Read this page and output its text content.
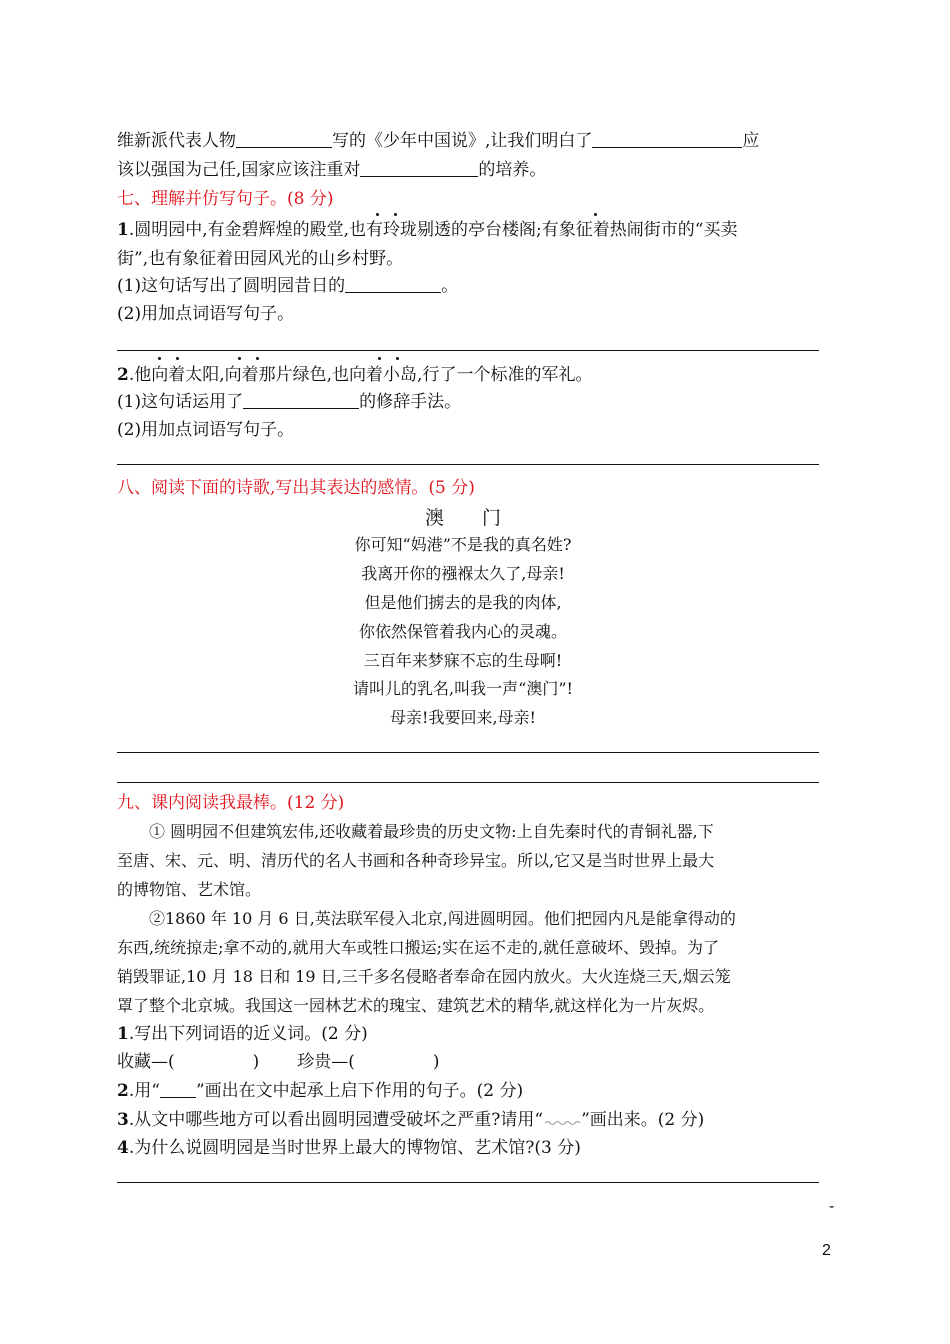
维新派代表人物	写的《少年中国说》,让我们明白了	应
该以强国为己任,国家应该注重对	的培养。
七、理解并仿写句子。(8 分)
1.圆明园中,有金碧辉煌的殿堂,也有玲珑剔透的亭台楼阁;有象征着热闹街市的“买卖
街”,也有象征着田园风光的山乡村野。
(1)这句话写出了圆明园昔日的	。
(2)用加点词语写句子。
2.他向着太阳,向着那片绿色,也向着小岛,行了一个标准的军礼。
(1)这句话运用了	的修辞手法。
(2)用加点词语写句子。
八、阅读下面的诗歌,写出其表达的感情。(5 分)
澳　　门
你可知“妈港”不是我的真名姓?
我离开你的襁褓太久了,母亲!
但是他们掳去的是我的肉体,
你依然保管着我内心的灵魂。
三百年来梦寐不忘的生母啊!
请叫儿的乳名,叫我一声“澳门”!
母亲!我要回来,母亲!
九、课内阅读我最棒。(12 分)
① 圆明园不但建筑宏伟,还收藏着最珍贵的历史文物:上自先秦时代的青铜礼器,下
至唐、宋、元、明、清历代的名人书画和各种奇珍异宝。所以,它又是当时世界上最大
的博物馆、艺术馆。
②1860 年 10 月 6 日,英法联军侵入北京,闯进圆明园。他们把园内凡是能拿得动的
东西,统统掠走;拿不动的,就用大车或牲口搬运;实在运不走的,就任意破坏、毁掉。为了
销毁罪证,10 月 18 日和 19 日,三千多名侵略者奉命在园内放火。大火连烧三天,烟云笼
罩了整个北京城。我国这一园林艺术的瑰宝、建筑艺术的精华,就这样化为一片灰烬。
1.写出下列词语的近义词。(2 分)
收藏—(	) 珍贵—(	)
2.用“ ”画出在文中起承上启下作用的句子。(2 分)
3.从文中哪些地方可以看出圆明园遭受破坏之严重?请用“ ”画出来。(2 分)
4.为什么说圆明园是当时世界上最大的博物馆、艺术馆?(3 分)
-
2
